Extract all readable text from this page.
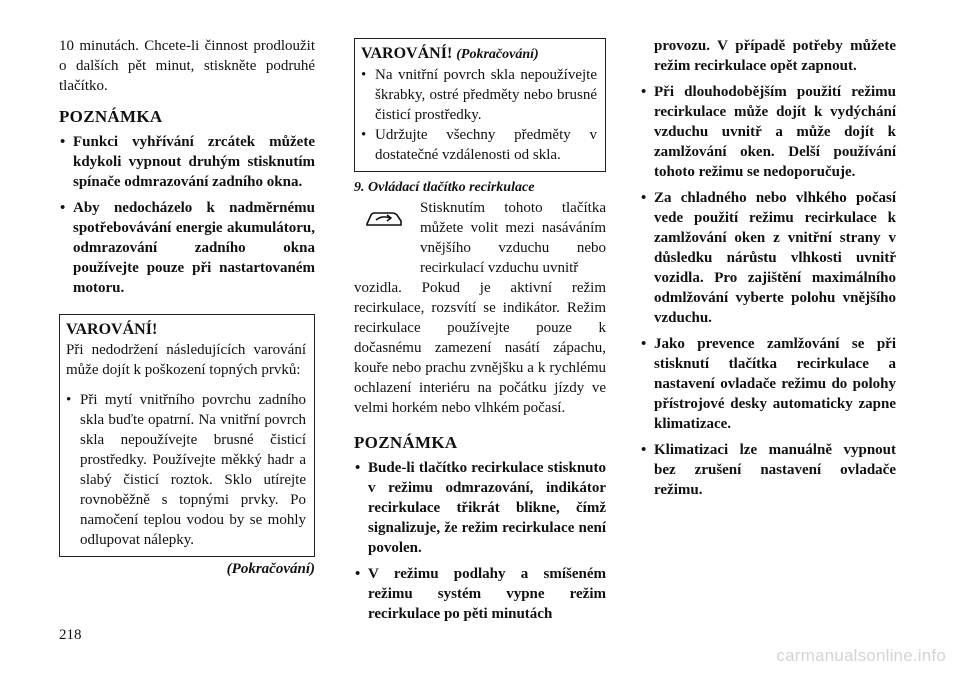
10 minutách. Chcete-li činnost prodloužit o dalších pět minut, stiskněte podruhé tlačítko.

POZNÁMKA
• Funkci vyhřívání zrcátek můžete kdykoli vypnout druhým stisknutím spínače odmrazování zadního okna.
• Aby nedocházelo k nadměrnému spotřebovávání energie akumulátoru, odmrazování zadního okna používejte pouze při nastartovaném motoru.
VAROVÁNÍ!

Při nedodržení následujících varování může dojít k poškození topných prvků:

• Při mytí vnitřního povrchu zadního skla buďte opatrní. Na vnitřní povrch skla nepoužívejte brusné čisticí prostředky. Používejte měkký hadr a slabý čisticí roztok. Sklo utírejte rovnoběžně s topnými prvky. Po namočení teplou vodou by se mohly odlupovat nálepky.
(Pokračování)
VAROVÁNÍ! (Pokračování)
• Na vnitřní povrch skla nepoužívejte škrabky, ostré předměty nebo brusné čisticí prostředky.
• Udržujte všechny předměty v dostatečné vzdálenosti od skla.
9. Ovládací tlačítko recirkulace

Stisknutím tohoto tlačítka můžete volit mezi nasáváním vnějšího vzduchu nebo recirkulací vzduchu uvnitř

vozidla. Pokud je aktivní režim recirkulace, rozsvítí se indikátor. Režim recirkulace používejte pouze k dočasnému zamezení nasátí zápachu, kouře nebo prachu zvnějšku a k rychlému ochlazení interiéru na počátku jízdy ve velmi horkém nebo vlhkém počasí.

POZNÁMKA
• Bude-li tlačítko recirkulace stisknuto v režimu odmrazování, indikátor recirkulace třikrát blikne, čímž signalizuje, že režim recirkulace není povolen.
• V režimu podlahy a smíšeném režimu systém vypne režim recirkulace po pěti minutách

provozu. V případě potřeby můžete režim recirkulace opět zapnout.

• Při dlouhodobějším použití režimu recirkulace může dojít k vydýchání vzduchu uvnitř a může dojít k zamlžování oken. Delší používání tohoto režimu se nedoporučuje.
• Za chladného nebo vlhkého počasí vede použití režimu recirkulace k zamlžování oken z vnitřní strany v důsledku nárůstu vlhkosti uvnitř vozidla. Pro zajištění maximálního odmlžování vyberte polohu vnějšího vzduchu.
• Jako prevence zamlžování se při stisknutí tlačítka recirkulace a nastavení ovladače režimu do polohy přístrojové desky automaticky zapne klimatizace.
• Klimatizaci lze manuálně vypnout bez zrušení nastavení ovladače režimu.
218
carmanualsonline.info
